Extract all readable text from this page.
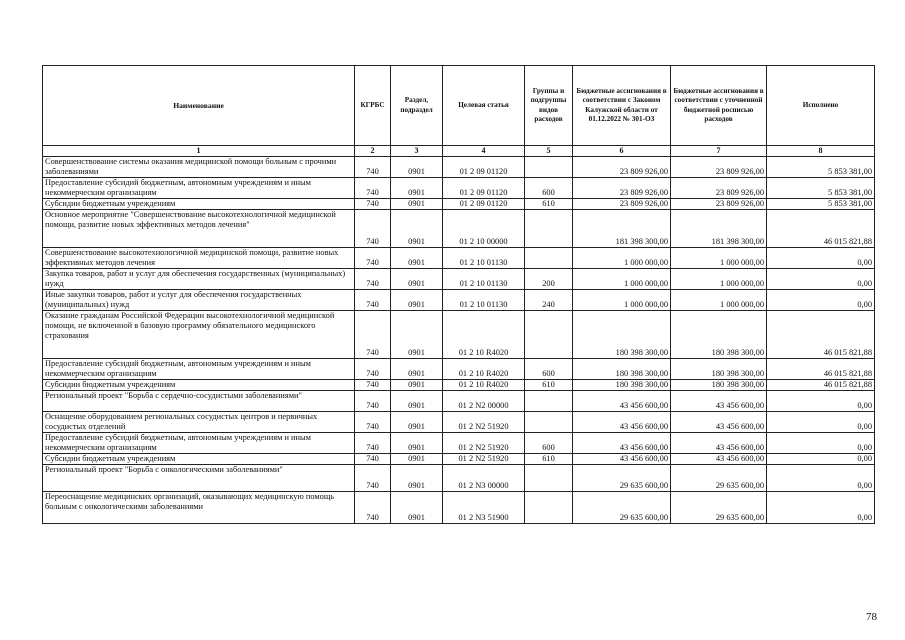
Наименование	КГРБС	Раздел, подраздел	Целевая статья	Группы и подгруппы видов расходов	Бюджетные ассигнования в соответствии с Законом Калужской области от 01.12.2022 № 301-ОЗ	Бюджетные ассигнования в соответствии с уточненной бюджетной росписью расходов	Исполнено
1	2	3	4	5	6	7	8
Совершенствование системы оказания медицинской помощи больным с прочими заболеваниями	740	0901	01 2 09 01120		23 809 926,00	23 809 926,00	5 853 381,00
Предоставление субсидий бюджетным, автономным учреждениям и иным некоммерческим организациям	740	0901	01 2 09 01120	600	23 809 926,00	23 809 926,00	5 853 381,00
Субсидии бюджетным учреждениям	740	0901	01 2 09 01120	610	23 809 926,00	23 809 926,00	5 853 381,00
Основное мероприятие "Совершенствование высокотехнологичной медицинской помощи, развитие новых эффективных методов лечения"	740	0901	01 2 10 00000		181 398 300,00	181 398 300,00	46 015 821,88
Совершенствование высокотехнологичной медицинской помощи, развитие новых эффективных методов лечения	740	0901	01 2 10 01130		1 000 000,00	1 000 000,00	0,00
Закупка товаров, работ и услуг для обеспечения государственных (муниципальных) нужд	740	0901	01 2 10 01130	200	1 000 000,00	1 000 000,00	0,00
Иные закупки товаров, работ и услуг для обеспечения государственных (муниципальных) нужд	740	0901	01 2 10 01130	240	1 000 000,00	1 000 000,00	0,00
Оказание гражданам Российской Федерации высокотехнологичной медицинской помощи, не включенной в базовую программу обязательного медицинского страхования	740	0901	01 2 10 R4020		180 398 300,00	180 398 300,00	46 015 821,88
Предоставление субсидий бюджетным, автономным учреждениям и иным некоммерческим организациям	740	0901	01 2 10 R4020	600	180 398 300,00	180 398 300,00	46 015 821,88
Субсидии бюджетным учреждениям	740	0901	01 2 10 R4020	610	180 398 300,00	180 398 300,00	46 015 821,88
Региональный проект "Борьба с сердечно-сосудистыми заболеваниями"	740	0901	01 2 N2 00000		43 456 600,00	43 456 600,00	0,00
Оснащение оборудованием региональных сосудистых центров и первичных сосудистых отделений	740	0901	01 2 N2 51920		43 456 600,00	43 456 600,00	0,00
Предоставление субсидий бюджетным, автономным учреждениям и иным некоммерческим организациям	740	0901	01 2 N2 51920	600	43 456 600,00	43 456 600,00	0,00
Субсидии бюджетным учреждениям	740	0901	01 2 N2 51920	610	43 456 600,00	43 456 600,00	0,00
Региональный проект "Борьба с онкологическими заболеваниями"	740	0901	01 2 N3 00000		29 635 600,00	29 635 600,00	0,00
Переоснащение медицинских организаций, оказывающих медицинскую помощь больным с онкологическими заболеваниями	740	0901	01 2 N3 51900		29 635 600,00	29 635 600,00	0,00
78
